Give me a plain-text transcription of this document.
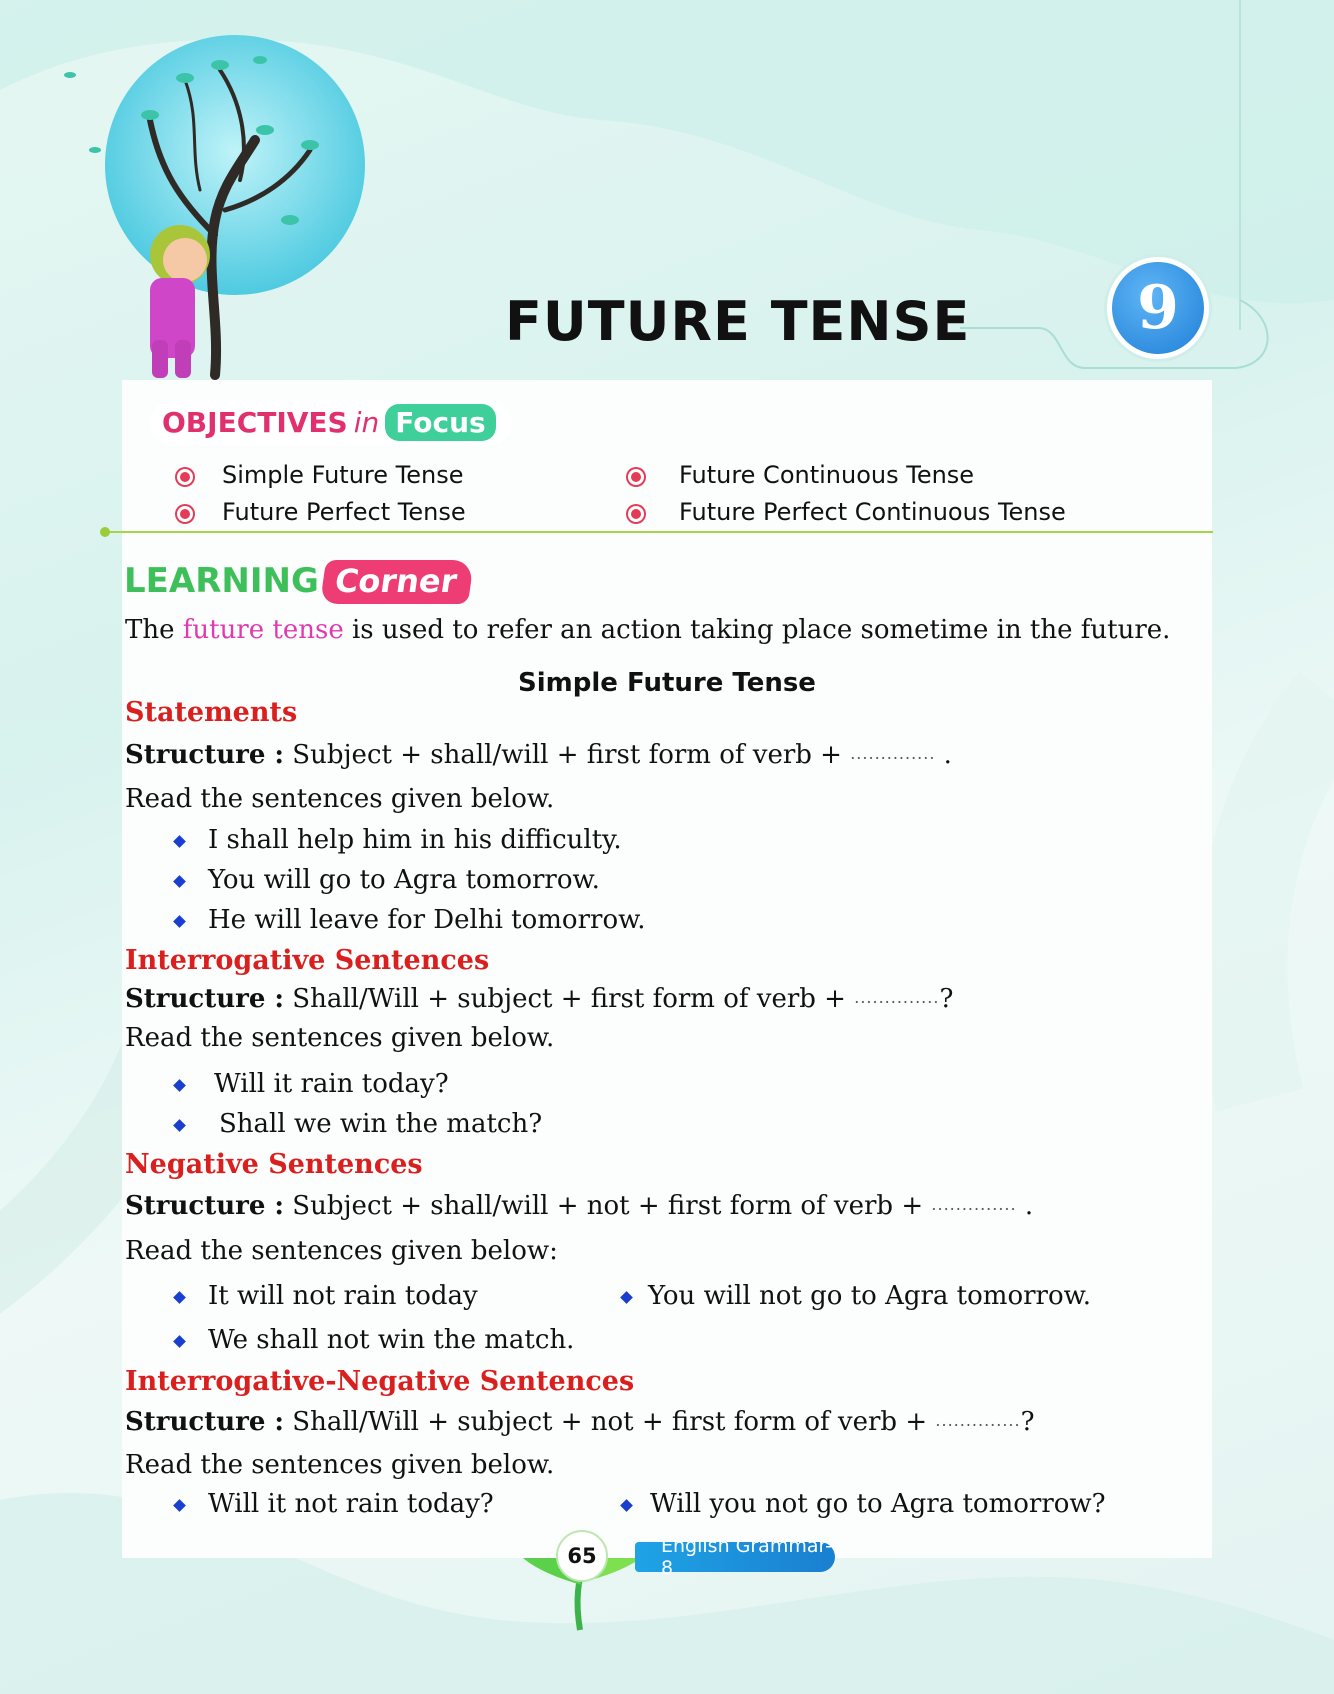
FUTURE TENSE	9
OBJECTIVES in Focus
Simple Future Tense	Future Continuous Tense
Future Perfect Tense	Future Perfect Continuous Tense
LEARNING Corner
The future tense is used to refer an action taking place sometime in the future.
Simple Future Tense
Statements
Structure : Subject + shall/will + first form of verb + .............. .
Read the sentences given below.
I shall help him in his difficulty.
You will go to Agra tomorrow.
He will leave for Delhi tomorrow.
Interrogative Sentences
Structure : Shall/Will + subject + first form of verb + ..............?
Read the sentences given below.
Will it rain today?
Shall we win the match?
Negative Sentences
Structure : Subject + shall/will + not + first form of verb + .............. .
Read the sentences given below:
It will not rain today	You will not go to Agra tomorrow.
We shall not win the match.
Interrogative-Negative Sentences
Structure : Shall/Will + subject + not + first form of verb + ..............?
Read the sentences given below.
Will it not rain today?	Will you not go to Agra tomorrow?
English Grammar-8
65
